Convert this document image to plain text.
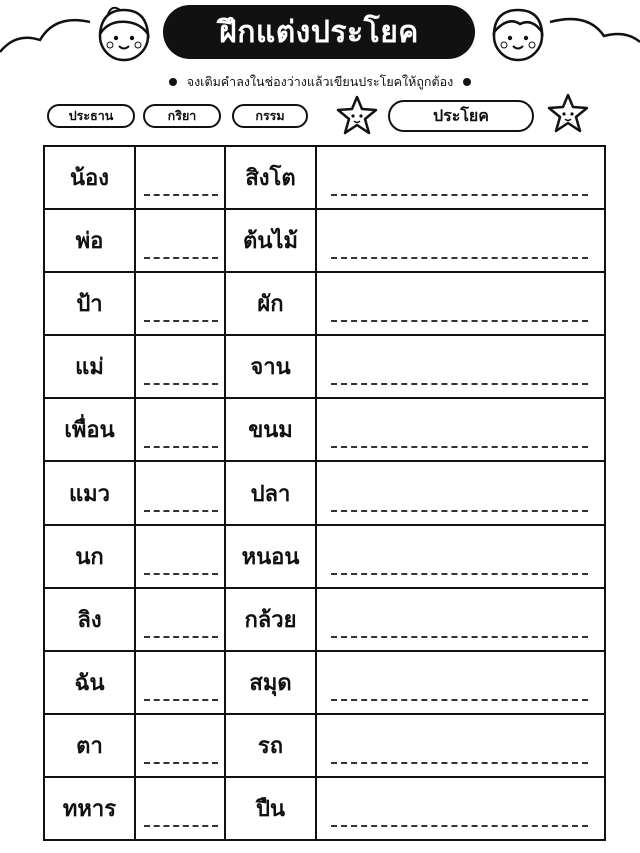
ฝึกแต่งประโยค
จงเติมคำลงในช่องว่างแล้วเขียนประโยคให้ถูกต้อง
ประธาน	กริยา	กรรม	ประโยค
น้อง	สิงโต
พ่อ	ต้นไม้
ป้า	ผัก
แม่	จาน
เพื่อน	ขนม
แมว	ปลา
นก	หนอน
ลิง	กล้วย
ฉัน	สมุด
ตา	รถ
ทหาร	ปืน
